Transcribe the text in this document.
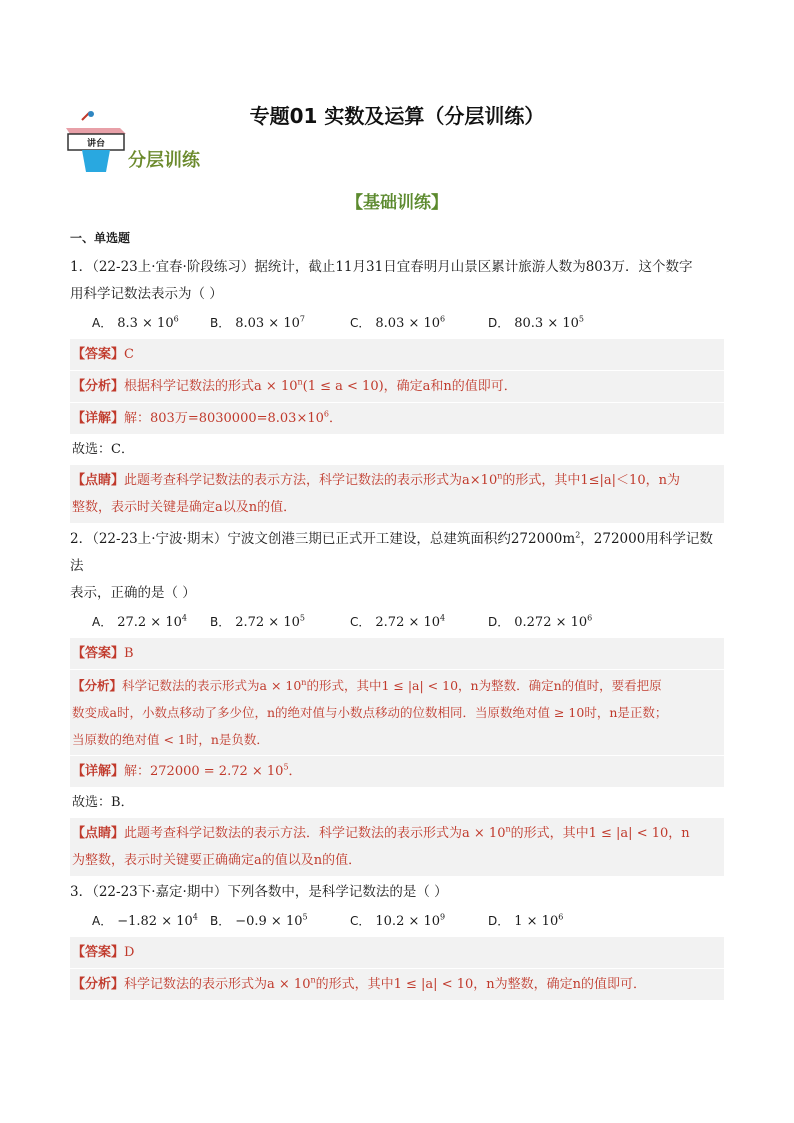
专题01 实数及运算（分层训练）
讲台
分层训练
【基础训练】
一、单选题

1．（22-23上·宜春·阶段练习）据统计，截止11月31日宜春明月山景区累计旅游人数为803万．这个数字

用科学记数法表示为（ ）

A． $8.3 \times 10^6$	B． $8.03 \times 10^7$	C． $8.03 \times 10^6$	D． $80.3 \times 10^5$
【答案】C
【分析】根据科学记数法的形式$a \times 10^n(1 \le a < 10)$，确定a和n的值即可．
【详解】解：803万$=8030000=8.03\times 10^6$．
故选：C．
【点睛】此题考查科学记数法的表示方法，科学记数法的表示形式为$a\times 10^n$的形式，其中1≤|a|＜10，n为
整数，表示时关键是确定a以及n的值．

2．（22-23上·宁波·期末）宁波文创港三期已正式开工建设，总建筑面积约$272000m^2$，272000用科学记数法

表示，正确的是（ ）

A． $27.2 \times 10^4$	B． $2.72 \times 10^5$	C． $2.72 \times 10^4$	D． $0.272 \times 10^6$
【答案】B
【分析】科学记数法的表示形式为$a \times 10^n$的形式，其中1 ≤ |a| < 10，n为整数．确定n的值时，要看把原
数变成a时，小数点移动了多少位，n的绝对值与小数点移动的位数相同．当原数绝对值 ≥ 10时，n是正数；
当原数的绝对值 < 1时，n是负数．
【详解】解：$272000 = 2.72 \times 10^5$．
故选：B．
【点睛】此题考查科学记数法的表示方法．科学记数法的表示形式为$a \times 10^n$的形式，其中1 ≤ |a| < 10，n
为整数，表示时关键要正确确定a的值以及n的值．

3．（22-23下·嘉定·期中）下列各数中，是科学记数法的是（ ）

A． $-1.82 \times 10^4$	B． $-0.9 \times 10^5$	C． $10.2 \times 10^9$	D． $1 \times 10^6$
【答案】D
【分析】科学记数法的表示形式为$a \times 10^n$的形式，其中1 ≤ |a| < 10，n为整数，确定n的值即可．
